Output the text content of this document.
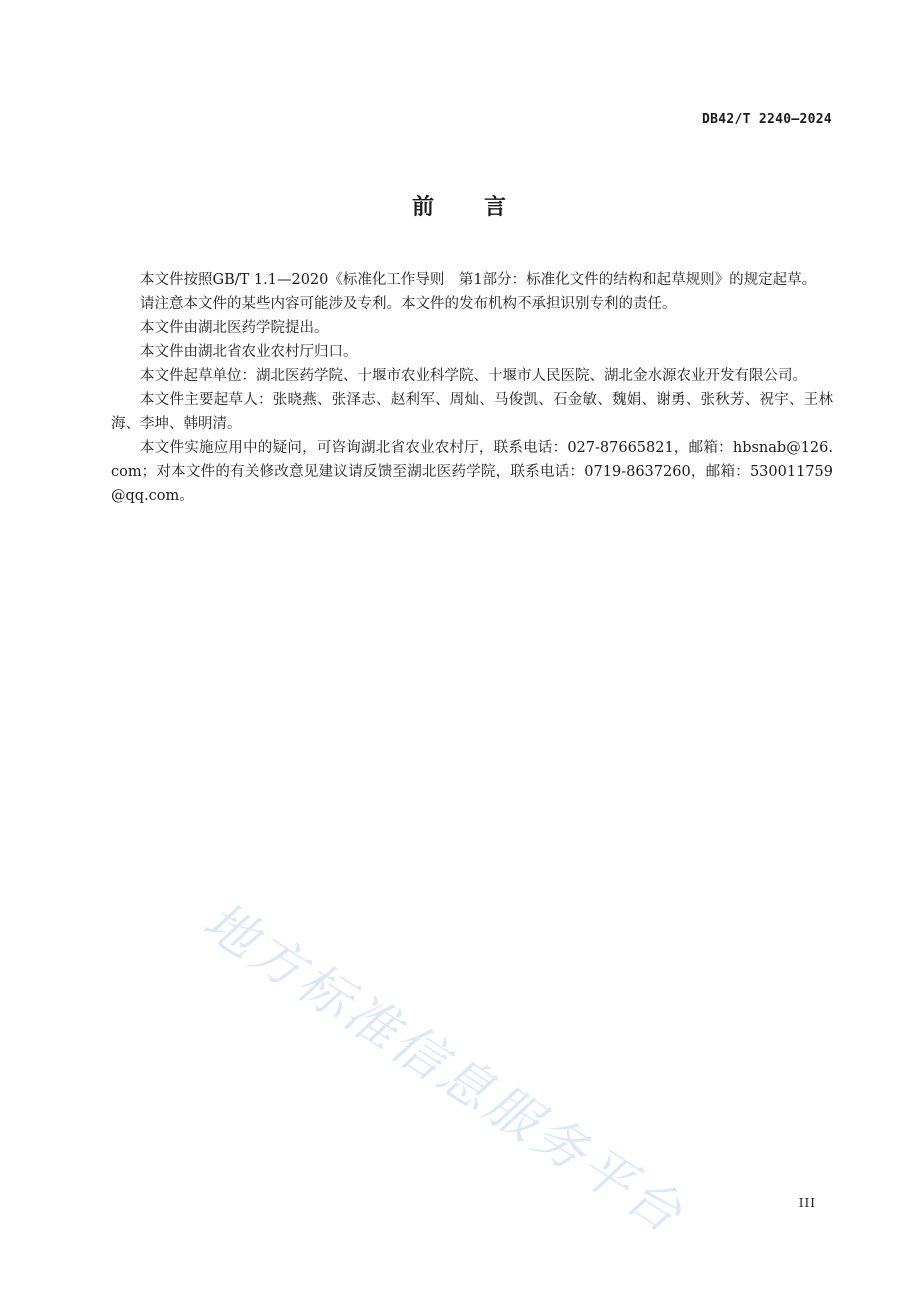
DB42/T 2240—2024
前　　言

本文件按照GB/T 1.1—2020《标准化工作导则　第1部分：标准化文件的结构和起草规则》的规定起草。

请注意本文件的某些内容可能涉及专利。本文件的发布机构不承担识别专利的责任。

本文件由湖北医药学院提出。

本文件由湖北省农业农村厅归口。

本文件起草单位：湖北医药学院、十堰市农业科学院、十堰市人民医院、湖北金水源农业开发有限公司。

本文件主要起草人：张晓燕、张泽志、赵利军、周灿、马俊凯、石金敏、魏娟、谢勇、张秋芳、祝宇、王林海、李坤、韩明清。

本文件实施应用中的疑问，可咨询湖北省农业农村厅，联系电话：027-87665821，邮箱：hbsnab@126.com；对本文件的有关修改意见建议请反馈至湖北医药学院，联系电话：0719-8637260，邮箱：530011759@qq.com。

地方标准信息服务平台	III
